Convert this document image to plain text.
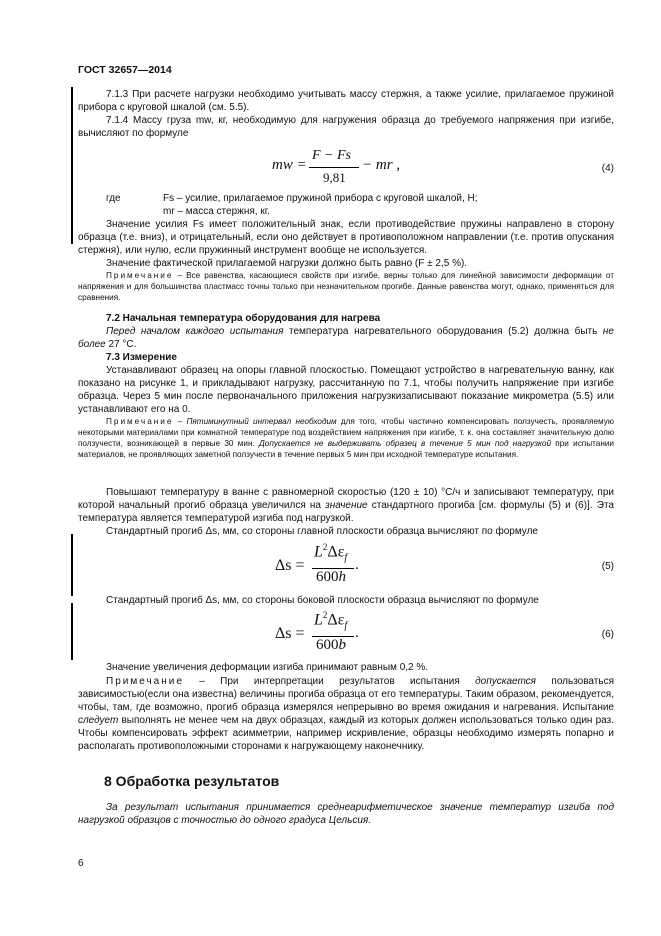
ГОСТ 32657—2014

7.1.3 При расчете нагрузки необходимо учитывать массу стержня, а также усилие, прилагаемое пружиной прибора с круговой шкалой (см. 5.5).

7.1.4 Массу груза mw, кг, необходимую для нагружения образца до требуемого напряжения при изгибе, вычисляют по формуле

mw =
F − Fs
9,81
− mr ,	(4)
где	Fs – усилие, прилагаемое пружиной прибора с круговой шкалой, Н;
mr – масса стержня, кг.

Значение усилия Fs имеет положительный знак, если противодействие пружины направлено в сторону образца (т.е. вниз), и отрицательный, если оно действует в противоположном направлении (т.е. против опускания стержня), или нулю, если пружинный инструмент вообще не используется.

Значение фактической прилагаемой нагрузки должно быть равно (F ± 2,5 %).

Примечание – Все равенства, касающиеся свойств при изгибе, верны только для линейной зависимости деформации от напряжения и для большинства пластмасс точны только при незначительном прогибе. Данные равенства могут, однако, применяться для сравнения.

7.2 Начальная температура оборудования для нагрева

Перед началом каждого испытания температура нагревательного оборудования (5.2) должна быть не более 27 °С.

7.3 Измерение

Устанавливают образец на опоры главной плоскостью. Помещают устройство в нагревательную ванну, как показано на рисунке 1, и прикладывают нагрузку, рассчитанную по 7.1, чтобы получить напряжение при изгибе образца. Через 5 мин после первоначального приложения нагрузкизаписывают показание микрометра (5.5) или устанавливают его на 0.

Примечание – Пятиминутный интервал необходим для того, чтобы частично компенсировать ползучесть, проявляемую некоторыми материалами при комнатной температуре под воздействием напряжения при изгибе, т. к. она составляет значительную долю ползучести, возникающей в первые 30 мин. Допускается не выдерживать образец в течение 5 мин под нагрузкой при испытании материалов, не проявляющих заметной ползучести в течение первых 5 мин при исходной температуре испытания.

Повышают температуру в ванне с равномерной скоростью (120 ± 10) °С/ч и записывают температуру, при которой начальный прогиб образца увеличился на значение стандартного прогиба [см. формулы (5) и (6)]. Эта температура является температурой изгиба под нагрузкой.

Стандартный прогиб Δs, мм, со стороны главной плоскости образца вычисляют по формуле

Δs =
$L^2\Delta\varepsilon_f$
600h
.	(5)

Стандартный прогиб Δs, мм, со стороны боковой плоскости образца вычисляют по формуле

Δs =
$L^2\Delta\varepsilon_f$
600b
.	(6)

Значение увеличения деформации изгиба принимают равным 0,2 %.

Примечание – При интерпретации результатов испытания допускается пользоваться зависимостью(если она известна) величины прогиба образца от его температуры. Таким образом, рекомендуется, чтобы, там, где возможно, прогиб образца измерялся непрерывно во время ожидания и нагревания. Испытание следует выполнять не менее чем на двух образцах, каждый из которых должен использоваться только один раз. Чтобы компенсировать эффект асимметрии, например искривление, образцы необходимо измерять попарно и располагать противоположными сторонами к нагружающему наконечнику.

8 Обработка результатов

За результат испытания принимается среднеарифметическое значение температур изгиба под нагрузкой образцов с точностью до одного градуса Цельсия.

6
